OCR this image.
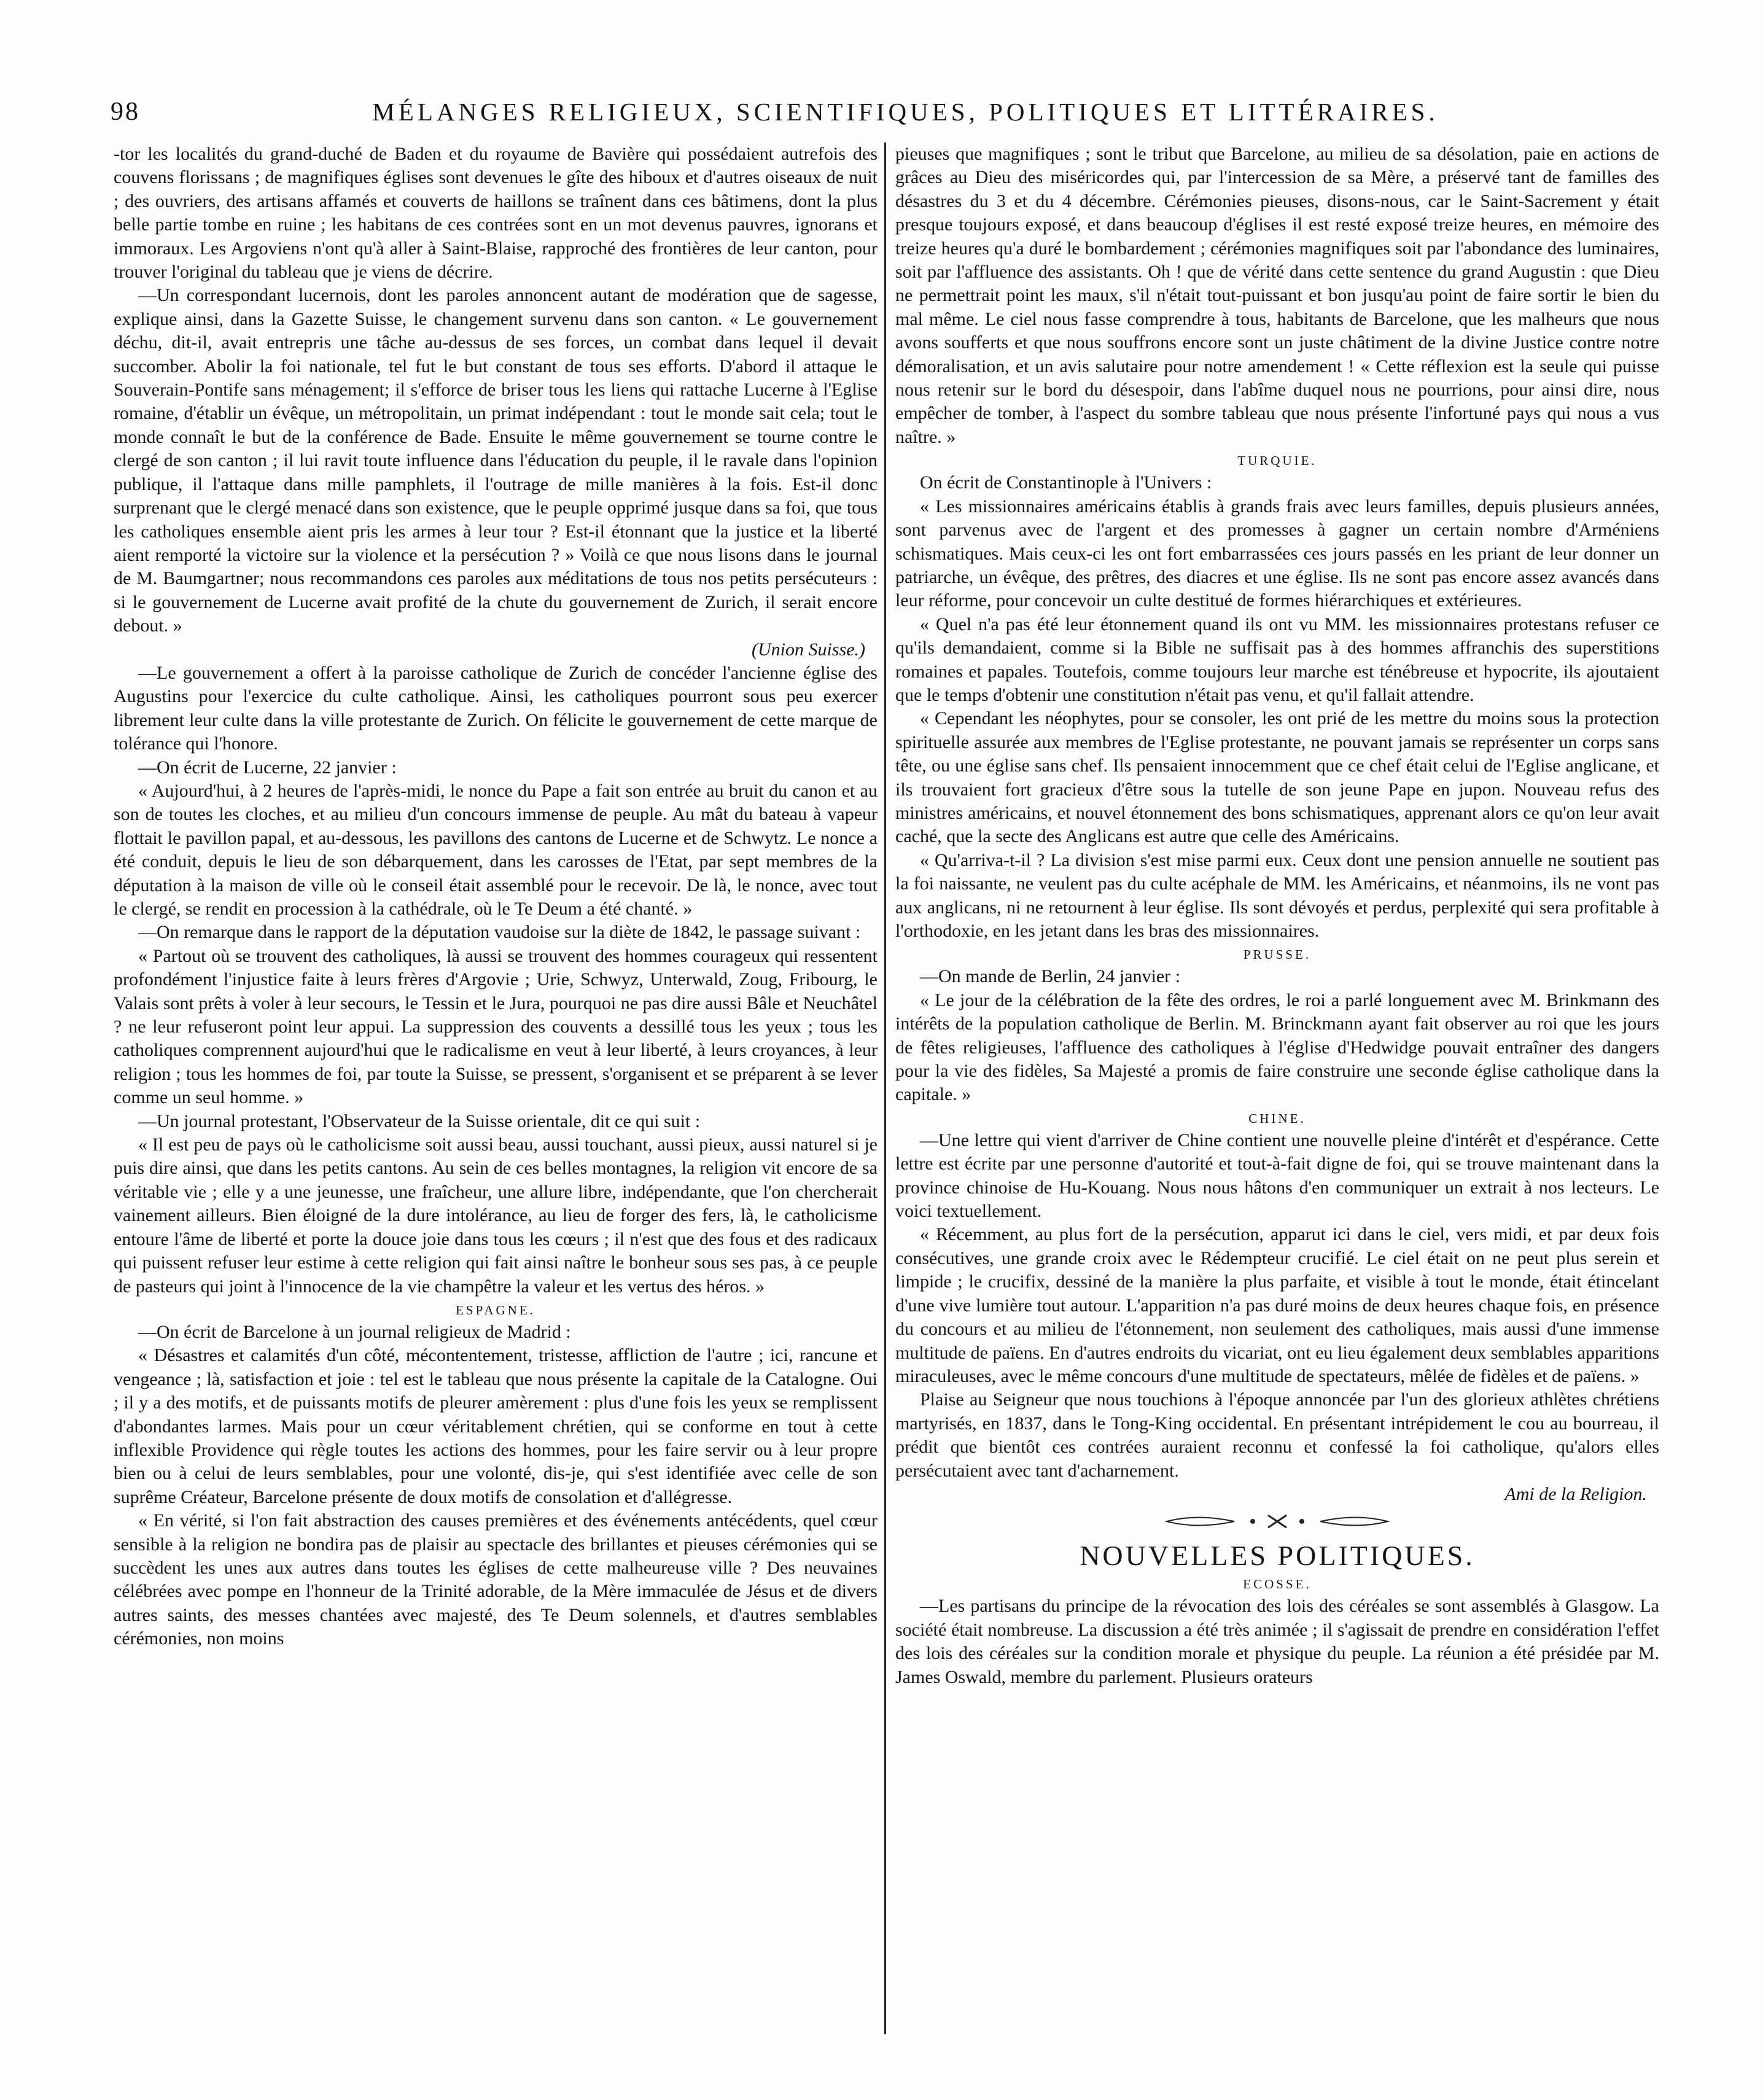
98	MÉLANGES RELIGIEUX, SCIENTIFIQUES, POLITIQUES ET LITTÉRAIRES.

-tor les localités du grand-duché de Baden et du royaume de Bavière qui possédaient autrefois des couvens florissans ; de magnifiques églises sont devenues le gîte des hiboux et d'autres oiseaux de nuit ; des ouvriers, des artisans affamés et couverts de haillons se traînent dans ces bâtimens, dont la plus belle partie tombe en ruine ; les habitans de ces contrées sont en un mot devenus pauvres, ignorans et immoraux. Les Argoviens n'ont qu'à aller à Saint-Blaise, rapproché des frontières de leur canton, pour trouver l'original du tableau que je viens de décrire.

—Un correspondant lucernois, dont les paroles annoncent autant de modération que de sagesse, explique ainsi, dans la Gazette Suisse, le changement survenu dans son canton. « Le gouvernement déchu, dit-il, avait entrepris une tâche au-dessus de ses forces, un combat dans lequel il devait succomber. Abolir la foi nationale, tel fut le but constant de tous ses efforts. D'abord il attaque le Souverain-Pontife sans ménagement; il s'efforce de briser tous les liens qui rattache Lucerne à l'Eglise romaine, d'établir un évêque, un métropolitain, un primat indépendant : tout le monde sait cela; tout le monde connaît le but de la conférence de Bade. Ensuite le même gouvernement se tourne contre le clergé de son canton ; il lui ravit toute influence dans l'éducation du peuple, il le ravale dans l'opinion publique, il l'attaque dans mille pamphlets, il l'outrage de mille manières à la fois. Est-il donc surprenant que le clergé menacé dans son existence, que le peuple opprimé jusque dans sa foi, que tous les catholiques ensemble aient pris les armes à leur tour ? Est-il étonnant que la justice et la liberté aient remporté la victoire sur la violence et la persécution ? » Voilà ce que nous lisons dans le journal de M. Baumgartner; nous recommandons ces paroles aux méditations de tous nos petits persécuteurs : si le gouvernement de Lucerne avait profité de la chute du gouvernement de Zurich, il serait encore debout. »

(Union Suisse.)

—Le gouvernement a offert à la paroisse catholique de Zurich de concéder l'ancienne église des Augustins pour l'exercice du culte catholique. Ainsi, les catholiques pourront sous peu exercer librement leur culte dans la ville protestante de Zurich. On félicite le gouvernement de cette marque de tolérance qui l'honore.

—On écrit de Lucerne, 22 janvier :

« Aujourd'hui, à 2 heures de l'après-midi, le nonce du Pape a fait son entrée au bruit du canon et au son de toutes les cloches, et au milieu d'un concours immense de peuple. Au mât du bateau à vapeur flottait le pavillon papal, et au-dessous, les pavillons des cantons de Lucerne et de Schwytz. Le nonce a été conduit, depuis le lieu de son débarquement, dans les carosses de l'Etat, par sept membres de la députation à la maison de ville où le conseil était assemblé pour le recevoir. De là, le nonce, avec tout le clergé, se rendit en procession à la cathédrale, où le Te Deum a été chanté. »

—On remarque dans le rapport de la députation vaudoise sur la diète de 1842, le passage suivant :

« Partout où se trouvent des catholiques, là aussi se trouvent des hommes courageux qui ressentent profondément l'injustice faite à leurs frères d'Argovie ; Urie, Schwyz, Unterwald, Zoug, Fribourg, le Valais sont prêts à voler à leur secours, le Tessin et le Jura, pourquoi ne pas dire aussi Bâle et Neuchâtel ? ne leur refuseront point leur appui. La suppression des couvents a dessillé tous les yeux ; tous les catholiques comprennent aujourd'hui que le radicalisme en veut à leur liberté, à leurs croyances, à leur religion ; tous les hommes de foi, par toute la Suisse, se pressent, s'organisent et se préparent à se lever comme un seul homme. »

—Un journal protestant, l'Observateur de la Suisse orientale, dit ce qui suit :

« Il est peu de pays où le catholicisme soit aussi beau, aussi touchant, aussi pieux, aussi naturel si je puis dire ainsi, que dans les petits cantons. Au sein de ces belles montagnes, la religion vit encore de sa véritable vie ; elle y a une jeunesse, une fraîcheur, une allure libre, indépendante, que l'on chercherait vainement ailleurs. Bien éloigné de la dure intolérance, au lieu de forger des fers, là, le catholicisme entoure l'âme de liberté et porte la douce joie dans tous les cœurs ; il n'est que des fous et des radicaux qui puissent refuser leur estime à cette religion qui fait ainsi naître le bonheur sous ses pas, à ce peuple de pasteurs qui joint à l'innocence de la vie champêtre la valeur et les vertus des héros. »

ESPAGNE.

—On écrit de Barcelone à un journal religieux de Madrid :

« Désastres et calamités d'un côté, mécontentement, tristesse, affliction de l'autre ; ici, rancune et vengeance ; là, satisfaction et joie : tel est le tableau que nous présente la capitale de la Catalogne. Oui ; il y a des motifs, et de puissants motifs de pleurer amèrement : plus d'une fois les yeux se remplissent d'abondantes larmes. Mais pour un cœur véritablement chrétien, qui se conforme en tout à cette inflexible Providence qui règle toutes les actions des hommes, pour les faire servir ou à leur propre bien ou à celui de leurs semblables, pour une volonté, dis-je, qui s'est identifiée avec celle de son suprême Créateur, Barcelone présente de doux motifs de consolation et d'allégresse.

« En vérité, si l'on fait abstraction des causes premières et des événements antécédents, quel cœur sensible à la religion ne bondira pas de plaisir au spectacle des brillantes et pieuses cérémonies qui se succèdent les unes aux autres dans toutes les églises de cette malheureuse ville ? Des neuvaines célébrées avec pompe en l'honneur de la Trinité adorable, de la Mère immaculée de Jésus et de divers autres saints, des messes chantées avec majesté, des Te Deum solennels, et d'autres semblables cérémonies, non moins

pieuses que magnifiques ; sont le tribut que Barcelone, au milieu de sa désolation, paie en actions de grâces au Dieu des miséricordes qui, par l'intercession de sa Mère, a préservé tant de familles des désastres du 3 et du 4 décembre. Cérémonies pieuses, disons-nous, car le Saint-Sacrement y était presque toujours exposé, et dans beaucoup d'églises il est resté exposé treize heures, en mémoire des treize heures qu'a duré le bombardement ; cérémonies magnifiques soit par l'abondance des luminaires, soit par l'affluence des assistants. Oh ! que de vérité dans cette sentence du grand Augustin : que Dieu ne permettrait point les maux, s'il n'était tout-puissant et bon jusqu'au point de faire sortir le bien du mal même. Le ciel nous fasse comprendre à tous, habitants de Barcelone, que les malheurs que nous avons soufferts et que nous souffrons encore sont un juste châtiment de la divine Justice contre notre démoralisation, et un avis salutaire pour notre amendement ! « Cette réflexion est la seule qui puisse nous retenir sur le bord du désespoir, dans l'abîme duquel nous ne pourrions, pour ainsi dire, nous empêcher de tomber, à l'aspect du sombre tableau que nous présente l'infortuné pays qui nous a vus naître. »

TURQUIE.

On écrit de Constantinople à l'Univers :

« Les missionnaires américains établis à grands frais avec leurs familles, depuis plusieurs années, sont parvenus avec de l'argent et des promesses à gagner un certain nombre d'Arméniens schismatiques. Mais ceux-ci les ont fort embarrassées ces jours passés en les priant de leur donner un patriarche, un évêque, des prêtres, des diacres et une église. Ils ne sont pas encore assez avancés dans leur réforme, pour concevoir un culte destitué de formes hiérarchiques et extérieures.

« Quel n'a pas été leur étonnement quand ils ont vu MM. les missionnaires protestans refuser ce qu'ils demandaient, comme si la Bible ne suffisait pas à des hommes affranchis des superstitions romaines et papales. Toutefois, comme toujours leur marche est ténébreuse et hypocrite, ils ajoutaient que le temps d'obtenir une constitution n'était pas venu, et qu'il fallait attendre.

« Cependant les néophytes, pour se consoler, les ont prié de les mettre du moins sous la protection spirituelle assurée aux membres de l'Eglise protestante, ne pouvant jamais se représenter un corps sans tête, ou une église sans chef. Ils pensaient innocemment que ce chef était celui de l'Eglise anglicane, et ils trouvaient fort gracieux d'être sous la tutelle de son jeune Pape en jupon. Nouveau refus des ministres américains, et nouvel étonnement des bons schismatiques, apprenant alors ce qu'on leur avait caché, que la secte des Anglicans est autre que celle des Américains.

« Qu'arriva-t-il ? La division s'est mise parmi eux. Ceux dont une pension annuelle ne soutient pas la foi naissante, ne veulent pas du culte acéphale de MM. les Américains, et néanmoins, ils ne vont pas aux anglicans, ni ne retournent à leur église. Ils sont dévoyés et perdus, perplexité qui sera profitable à l'orthodoxie, en les jetant dans les bras des missionnaires.

PRUSSE.

—On mande de Berlin, 24 janvier :

« Le jour de la célébration de la fête des ordres, le roi a parlé longuement avec M. Brinkmann des intérêts de la population catholique de Berlin. M. Brinckmann ayant fait observer au roi que les jours de fêtes religieuses, l'affluence des catholiques à l'église d'Hedwidge pouvait entraîner des dangers pour la vie des fidèles, Sa Majesté a promis de faire construire une seconde église catholique dans la capitale. »

CHINE.

—Une lettre qui vient d'arriver de Chine contient une nouvelle pleine d'intérêt et d'espérance. Cette lettre est écrite par une personne d'autorité et tout-à-fait digne de foi, qui se trouve maintenant dans la province chinoise de Hu-Kouang. Nous nous hâtons d'en communiquer un extrait à nos lecteurs. Le voici textuellement.

« Récemment, au plus fort de la persécution, apparut ici dans le ciel, vers midi, et par deux fois consécutives, une grande croix avec le Rédempteur crucifié. Le ciel était on ne peut plus serein et limpide ; le crucifix, dessiné de la manière la plus parfaite, et visible à tout le monde, était étincelant d'une vive lumière tout autour. L'apparition n'a pas duré moins de deux heures chaque fois, en présence du concours et au milieu de l'étonnement, non seulement des catholiques, mais aussi d'une immense multitude de païens. En d'autres endroits du vicariat, ont eu lieu également deux semblables apparitions miraculeuses, avec le même concours d'une multitude de spectateurs, mêlée de fidèles et de païens. »

Plaise au Seigneur que nous touchions à l'époque annoncée par l'un des glorieux athlètes chrétiens martyrisés, en 1837, dans le Tong-King occidental. En présentant intrépidement le cou au bourreau, il prédit que bientôt ces contrées auraient reconnu et confessé la foi catholique, qu'alors elles persécutaient avec tant d'acharnement.

Ami de la Religion.

NOUVELLES POLITIQUES.
ECOSSE.

—Les partisans du principe de la révocation des lois des céréales se sont assemblés à Glasgow. La société était nombreuse. La discussion a été très animée ; il s'agissait de prendre en considération l'effet des lois des céréales sur la condition morale et physique du peuple. La réunion a été présidée par M. James Oswald, membre du parlement. Plusieurs orateurs
